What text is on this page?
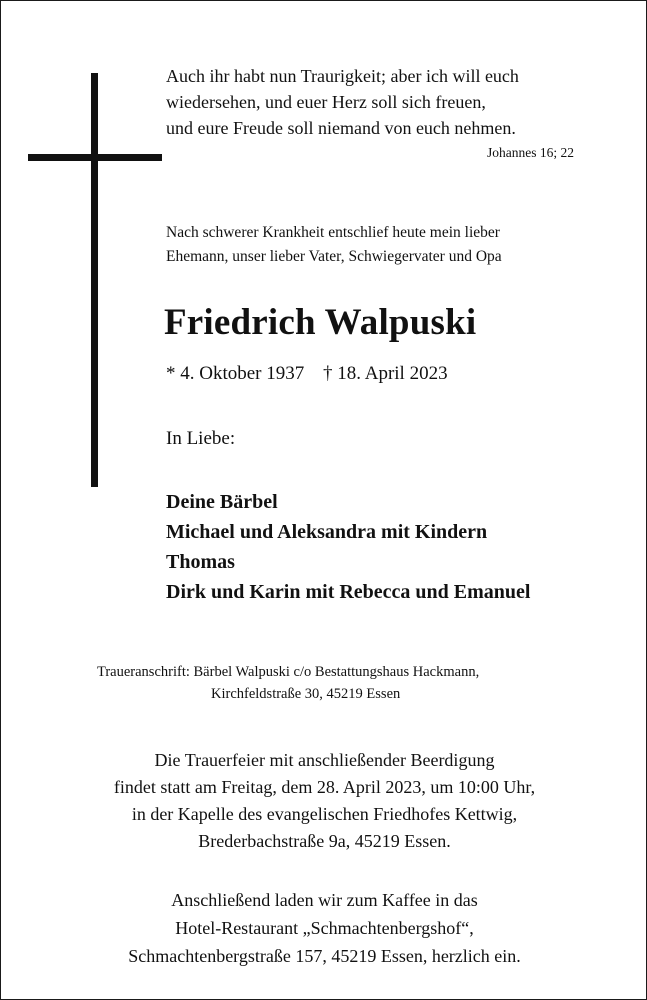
Auch ihr habt nun Traurigkeit; aber ich will euch
wiedersehen, und euer Herz soll sich freuen,
und eure Freude soll niemand von euch nehmen.
Johannes 16; 22
Nach schwerer Krankheit entschlief heute mein lieber
Ehemann, unser lieber Vater, Schwiegervater und Opa
Friedrich Walpuski
* 4. Oktober 1937 † 18. April 2023
In Liebe:
Deine Bärbel
Michael und Aleksandra mit Kindern
Thomas
Dirk und Karin mit Rebecca und Emanuel
Traueranschrift: Bärbel Walpuski c/o Bestattungshaus Hackmann,
Kirchfeldstraße 30, 45219 Essen
Die Trauerfeier mit anschließender Beerdigung
findet statt am Freitag, dem 28. April 2023, um 10:00 Uhr,
in der Kapelle des evangelischen Friedhofes Kettwig,
Brederbachstraße 9a, 45219 Essen.
Anschließend laden wir zum Kaffee in das
Hotel-Restaurant „Schmachtenbergshof“,
Schmachtenbergstraße 157, 45219 Essen, herzlich ein.
